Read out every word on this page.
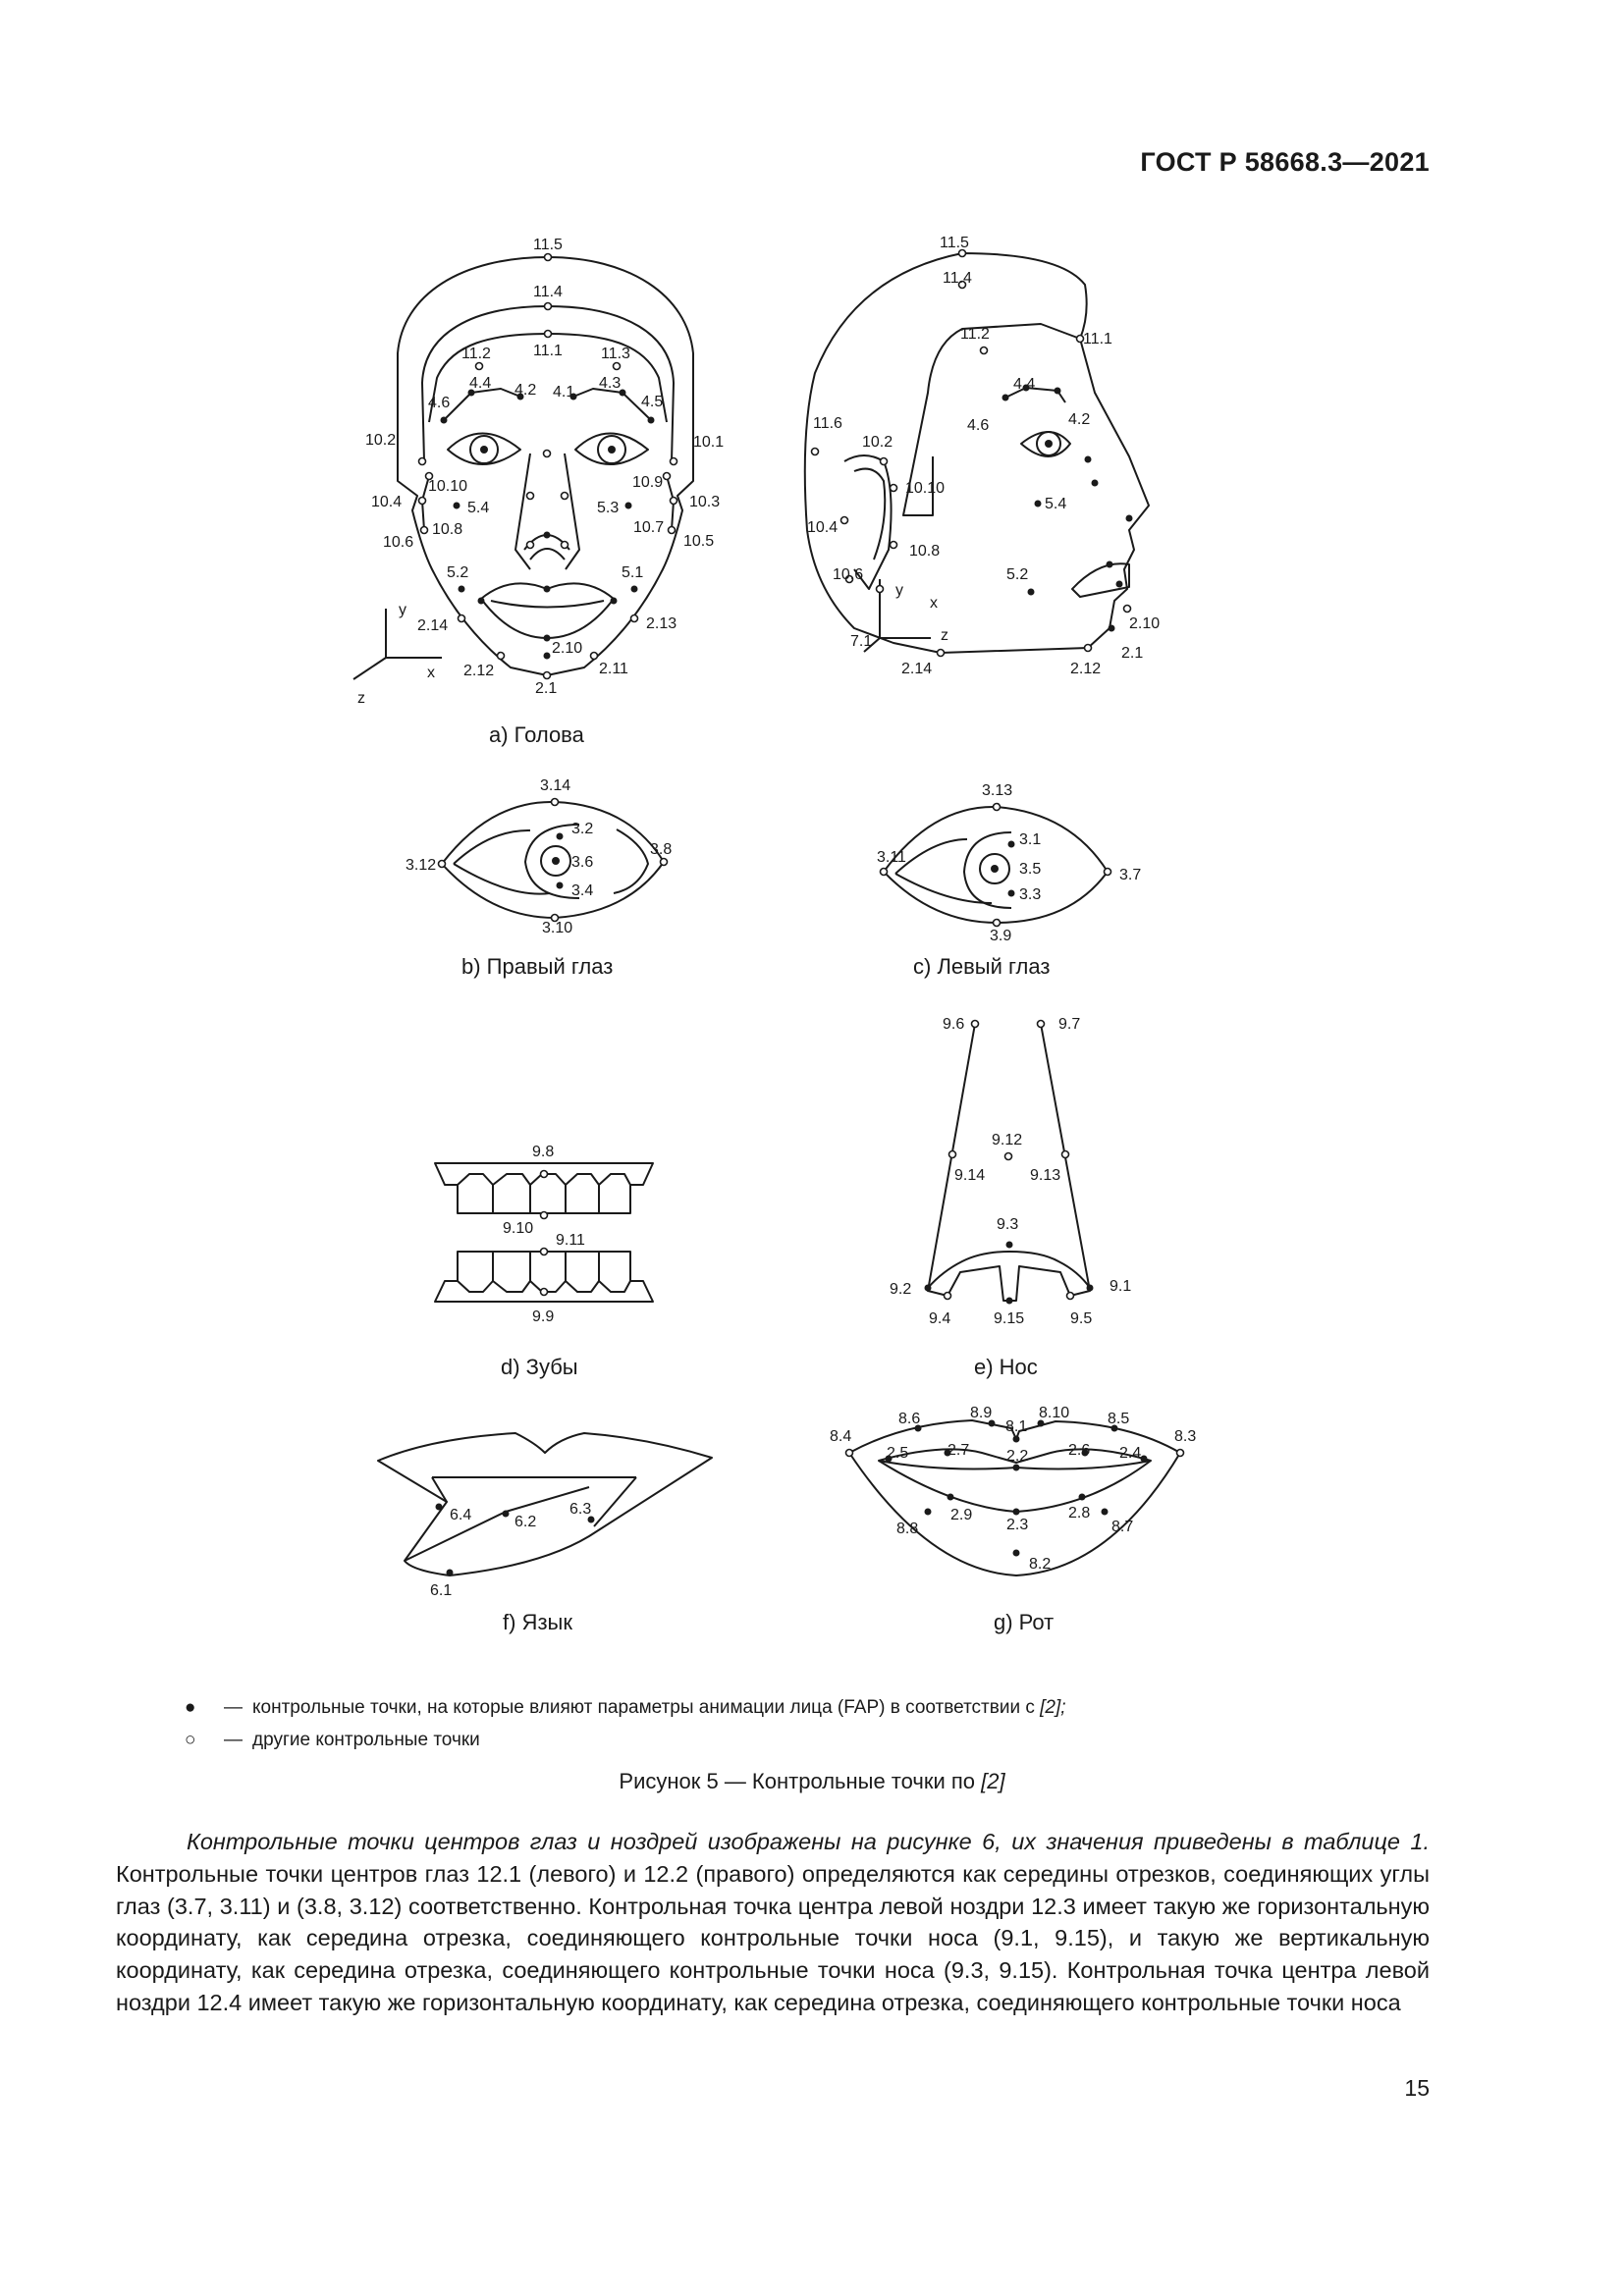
ГОСТ Р 58668.3—2021
11.5
11.4
11.2	11.1 11.3
4.6
4.4 4.2 4.1
4.3
4.5
10.2	10.1
10.10	10.9
10.4	5.4	5.3	10.3
10.8	10.7
10.6	10.5
5.2	5.1
2.14	2.13
2.10
2.12	2.11
2.1
y
x
z
а) Голова
11.5
11.4
11.2	11.1
4.4
4.6	4.2
11.6
10.2
10.10
10.4
10.8
5.4
10.6	5.2
7.1
2.10
2.14	2.12
2.1
y
x
z
3.14
3.2
3.12	3.6
3.8
3.4
3.10
b) Правый глаз
3.13
3.1
3.11
3.5	3.7
3.3
3.9
с) Левый глаз
9.8
9.10
9.11
9.9
d) Зубы
9.6	9.7
9.12
9.14	9.13
9.3
9.2	9.1
9.4	9.15	9.5
e) Нос
6.4	6.2
6.3
6.1
f) Язык
8.6	8.9
8.1
8.10 8.5
8.4	8.3
2.5 2.7 2.2	2.6 2.4
2.9	2.8
8.8	2.3	8.7
8.2
g) Рот
● — контрольные точки, на которые влияют параметры анимации лица (FAP) в соответствии с [2];
○ — другие контрольные точки
Рисунок 5 — Контрольные точки по [2]

Контрольные точки центров глаз и ноздрей изображены на рисунке 6, их значения приведены в таблице 1. Контрольные точки центров глаз 12.1 (левого) и 12.2 (правого) определяются как середины отрезков, соединяющих углы глаз (3.7, 3.11) и (3.8, 3.12) соответственно. Контрольная точка центра левой ноздри 12.3 имеет такую же горизонтальную координату, как середина отрезка, соединяющего контрольные точки носа (9.1, 9.15), и такую же вертикальную координату, как середина отрезка, соединяющего контрольные точки носа (9.3, 9.15). Контрольная точка центра левой ноздри 12.4 имеет такую же горизонтальную координату, как середина отрезка, соединяющего контрольные точки носа

15
